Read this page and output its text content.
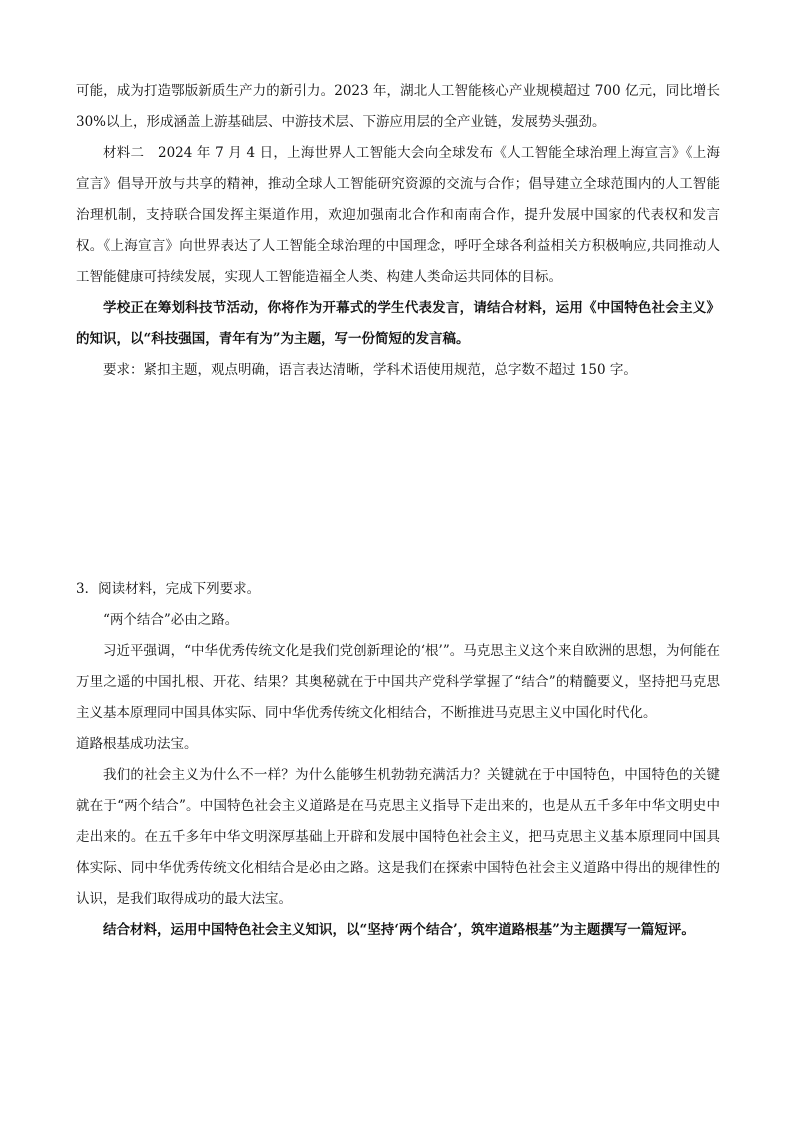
可能，成为打造鄂版新质生产力的新引力。2023 年，湖北人工智能核心产业规模超过 700 亿元，同比增长 30%以上，形成涵盖上游基础层、中游技术层、下游应用层的全产业链，发展势头强劲。

材料二　2024 年 7 月 4 日，上海世界人工智能大会向全球发布《人工智能全球治理上海宣言》《上海宣言》倡导开放与共享的精神，推动全球人工智能研究资源的交流与合作；倡导建立全球范围内的人工智能治理机制，支持联合国发挥主渠道作用，欢迎加强南北合作和南南合作，提升发展中国家的代表权和发言权。《上海宣言》向世界表达了人工智能全球治理的中国理念，呼吁全球各利益相关方积极响应,共同推动人工智能健康可持续发展，实现人工智能造福全人类、构建人类命运共同体的目标。

学校正在筹划科技节活动，你将作为开幕式的学生代表发言，请结合材料，运用《中国特色社会主义》的知识，以“科技强国，青年有为”为主题，写一份简短的发言稿。

要求：紧扣主题，观点明确，语言表达清晰，学科术语使用规范，总字数不超过 150 字。

3．阅读材料，完成下列要求。

“两个结合”必由之路。

习近平强调，“中华优秀传统文化是我们党创新理论的‘根’”。马克思主义这个来自欧洲的思想，为何能在万里之遥的中国扎根、开花、结果？其奥秘就在于中国共产党科学掌握了“结合”的精髓要义，坚持把马克思主义基本原理同中国具体实际、同中华优秀传统文化相结合，不断推进马克思主义中国化时代化。

道路根基成功法宝。

我们的社会主义为什么不一样？为什么能够生机勃勃充满活力？关键就在于中国特色，中国特色的关键就在于“两个结合”。中国特色社会主义道路是在马克思主义指导下走出来的，也是从五千多年中华文明史中走出来的。在五千多年中华文明深厚基础上开辟和发展中国特色社会主义，把马克思主义基本原理同中国具体实际、同中华优秀传统文化相结合是必由之路。这是我们在探索中国特色社会主义道路中得出的规律性的认识，是我们取得成功的最大法宝。

结合材料，运用中国特色社会主义知识，以“坚持‘两个结合’，筑牢道路根基”为主题撰写一篇短评。
